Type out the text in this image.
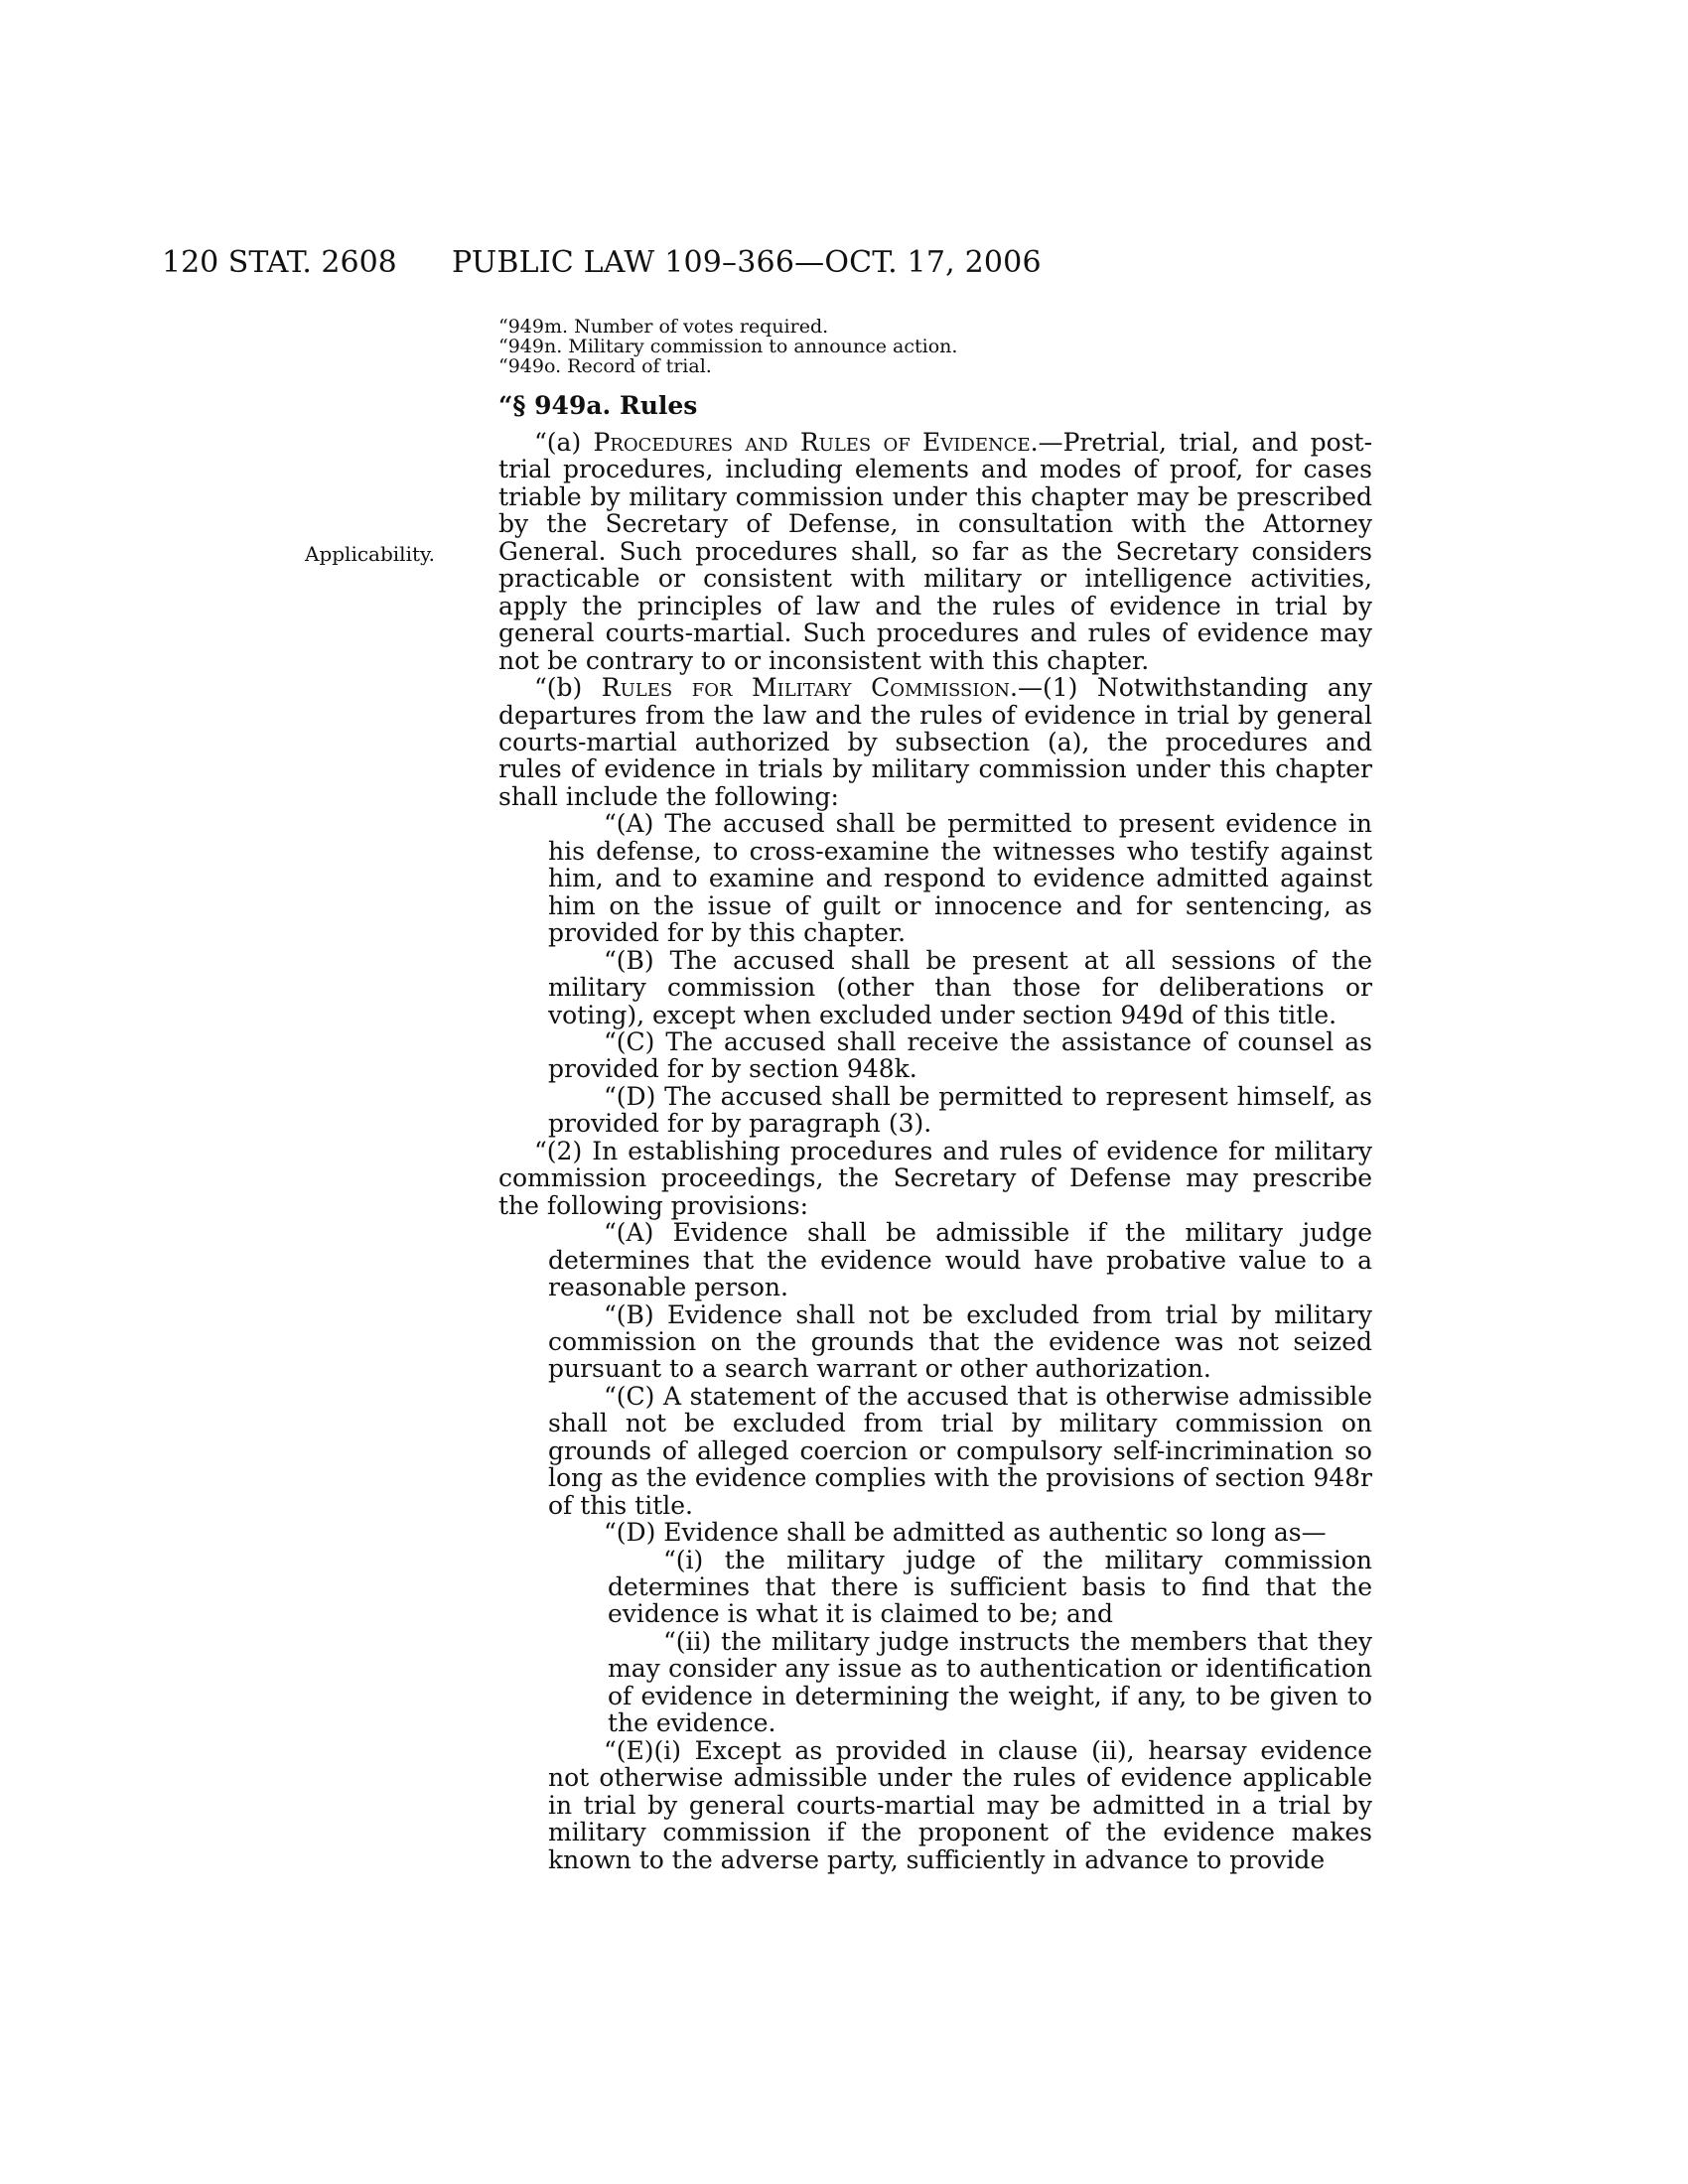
120 STAT. 2608 PUBLIC LAW 109–366—OCT. 17, 2006
“949m. Number of votes required.
“949n. Military commission to announce action.
“949o. Record of trial.
“§ 949a. Rules
Applicability.

“(a) Procedures and Rules of Evidence.—Pretrial, trial, and post-trial procedures, including elements and modes of proof, for cases triable by military commission under this chapter may be prescribed by the Secretary of Defense, in consultation with the Attorney General. Such procedures shall, so far as the Secretary considers practicable or consistent with military or intelligence activities, apply the principles of law and the rules of evidence in trial by general courts-martial. Such procedures and rules of evidence may not be contrary to or inconsistent with this chapter.

“(b) Rules for Military Commission.—(1) Notwithstanding any departures from the law and the rules of evidence in trial by general courts-martial authorized by subsection (a), the procedures and rules of evidence in trials by military commission under this chapter shall include the following:

“(A) The accused shall be permitted to present evidence in his defense, to cross-examine the witnesses who testify against him, and to examine and respond to evidence admitted against him on the issue of guilt or innocence and for sentencing, as provided for by this chapter.

“(B) The accused shall be present at all sessions of the military commission (other than those for deliberations or voting), except when excluded under section 949d of this title.

“(C) The accused shall receive the assistance of counsel as provided for by section 948k.

“(D) The accused shall be permitted to represent himself, as provided for by paragraph (3).

“(2) In establishing procedures and rules of evidence for military commission proceedings, the Secretary of Defense may prescribe the following provisions:

“(A) Evidence shall be admissible if the military judge determines that the evidence would have probative value to a reasonable person.

“(B) Evidence shall not be excluded from trial by military commission on the grounds that the evidence was not seized pursuant to a search warrant or other authorization.

“(C) A statement of the accused that is otherwise admissible shall not be excluded from trial by military commission on grounds of alleged coercion or compulsory self-incrimination so long as the evidence complies with the provisions of section 948r of this title.

“(D) Evidence shall be admitted as authentic so long as—

“(i) the military judge of the military commission determines that there is sufficient basis to find that the evidence is what it is claimed to be; and

“(ii) the military judge instructs the members that they may consider any issue as to authentication or identification of evidence in determining the weight, if any, to be given to the evidence.

“(E)(i) Except as provided in clause (ii), hearsay evidence not otherwise admissible under the rules of evidence applicable in trial by general courts-martial may be admitted in a trial by military commission if the proponent of the evidence makes known to the adverse party, sufficiently in advance to provide
